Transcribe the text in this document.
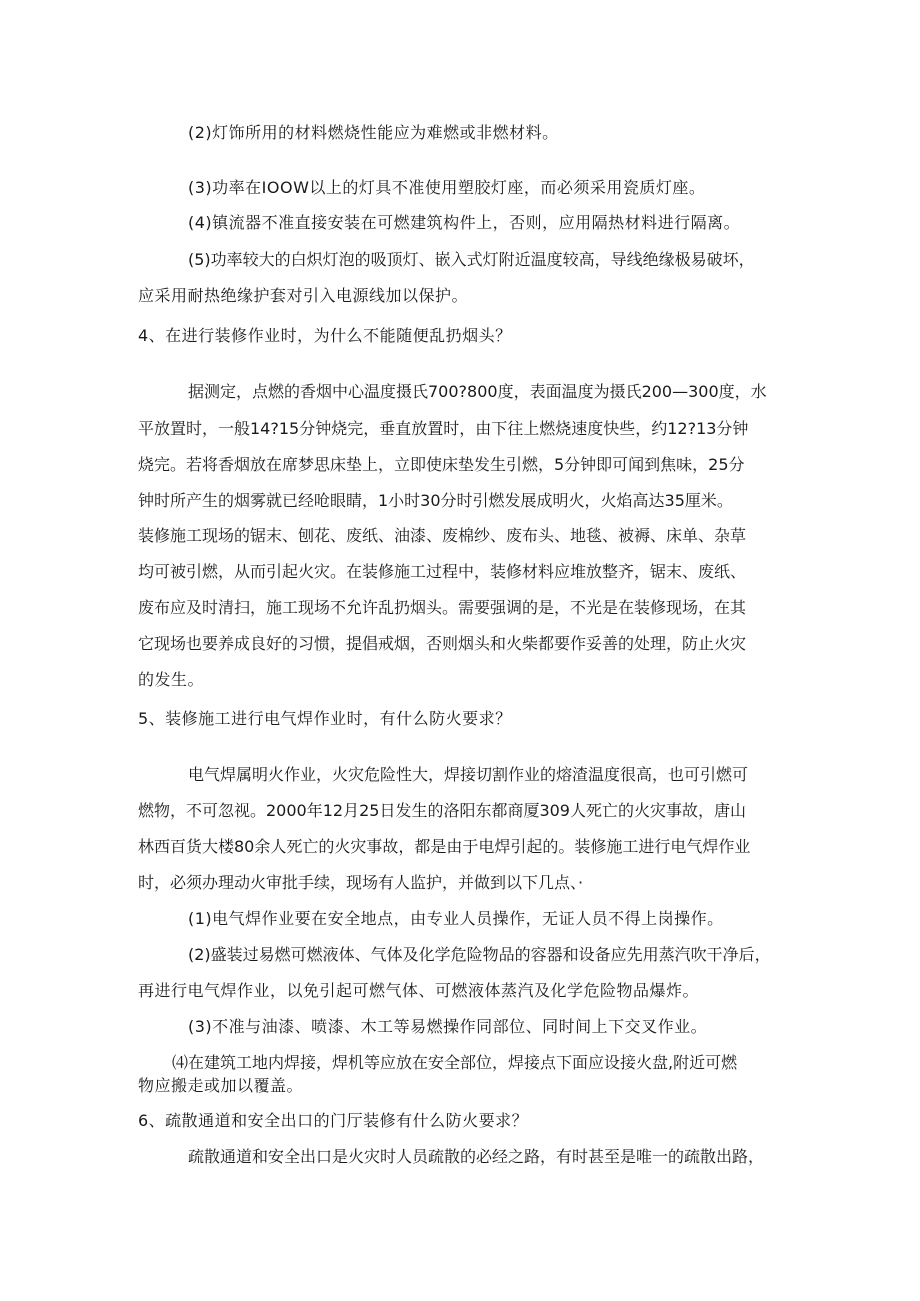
(2)灯饰所用的材料燃烧性能应为难燃或非燃材料。
(3)功率在IOOW以上的灯具不准使用塑胶灯座，而必须采用瓷质灯座。
(4)镇流器不准直接安装在可燃建筑构件上，否则，应用隔热材料进行隔离。
(5)功率较大的白炽灯泡的吸顶灯、嵌入式灯附近温度较高，导线绝缘极易破坏，
应采用耐热绝缘护套对引入电源线加以保护。
4、在进行装修作业时，为什么不能随便乱扔烟头？
据测定，点燃的香烟中心温度摄氏700?800度，表面温度为摄氏200—300度，水
平放置时，一般14?15分钟烧完，垂直放置时，由下往上燃烧速度快些，约12?13分钟
烧完。若将香烟放在席梦思床垫上，立即使床垫发生引燃，5分钟即可闻到焦味，25分
钟时所产生的烟雾就已经呛眼睛，1小时30分时引燃发展成明火，火焰高达35厘米。
装修施工现场的锯末、刨花、废纸、油漆、废棉纱、废布头、地毯、被褥、床单、杂草
均可被引燃，从而引起火灾。在装修施工过程中，装修材料应堆放整齐，锯末、废纸、
废布应及时清扫，施工现场不允许乱扔烟头。需要强调的是，不光是在装修现场，在其
它现场也要养成良好的习惯，提倡戒烟，否则烟头和火柴都要作妥善的处理，防止火灾
的发生。
5、装修施工进行电气焊作业时，有什么防火要求？
电气焊属明火作业，火灾危险性大，焊接切割作业的熔渣温度很高，也可引燃可
燃物，不可忽视。2000年12月25日发生的洛阳东都商厦309人死亡的火灾事故，唐山
林西百货大楼80余人死亡的火灾事故，都是由于电焊引起的。装修施工进行电气焊作业
时，必须办理动火审批手续，现场有人监护，并做到以下几点、·
(1)电气焊作业要在安全地点，由专业人员操作，无证人员不得上岗操作。
(2)盛装过易燃可燃液体、气体及化学危险物品的容器和设备应先用蒸汽吹干净后，
再进行电气焊作业，以免引起可燃气体、可燃液体蒸汽及化学危险物品爆炸。
(3)不准与油漆、喷漆、木工等易燃操作同部位、同时间上下交叉作业。
⑷在建筑工地内焊接，焊机等应放在安全部位，焊接点下面应设接火盘,附近可燃
物应搬走或加以覆盖。
6、疏散通道和安全出口的门厅装修有什么防火要求？
疏散通道和安全出口是火灾时人员疏散的必经之路，有时甚至是唯一的疏散出路，
